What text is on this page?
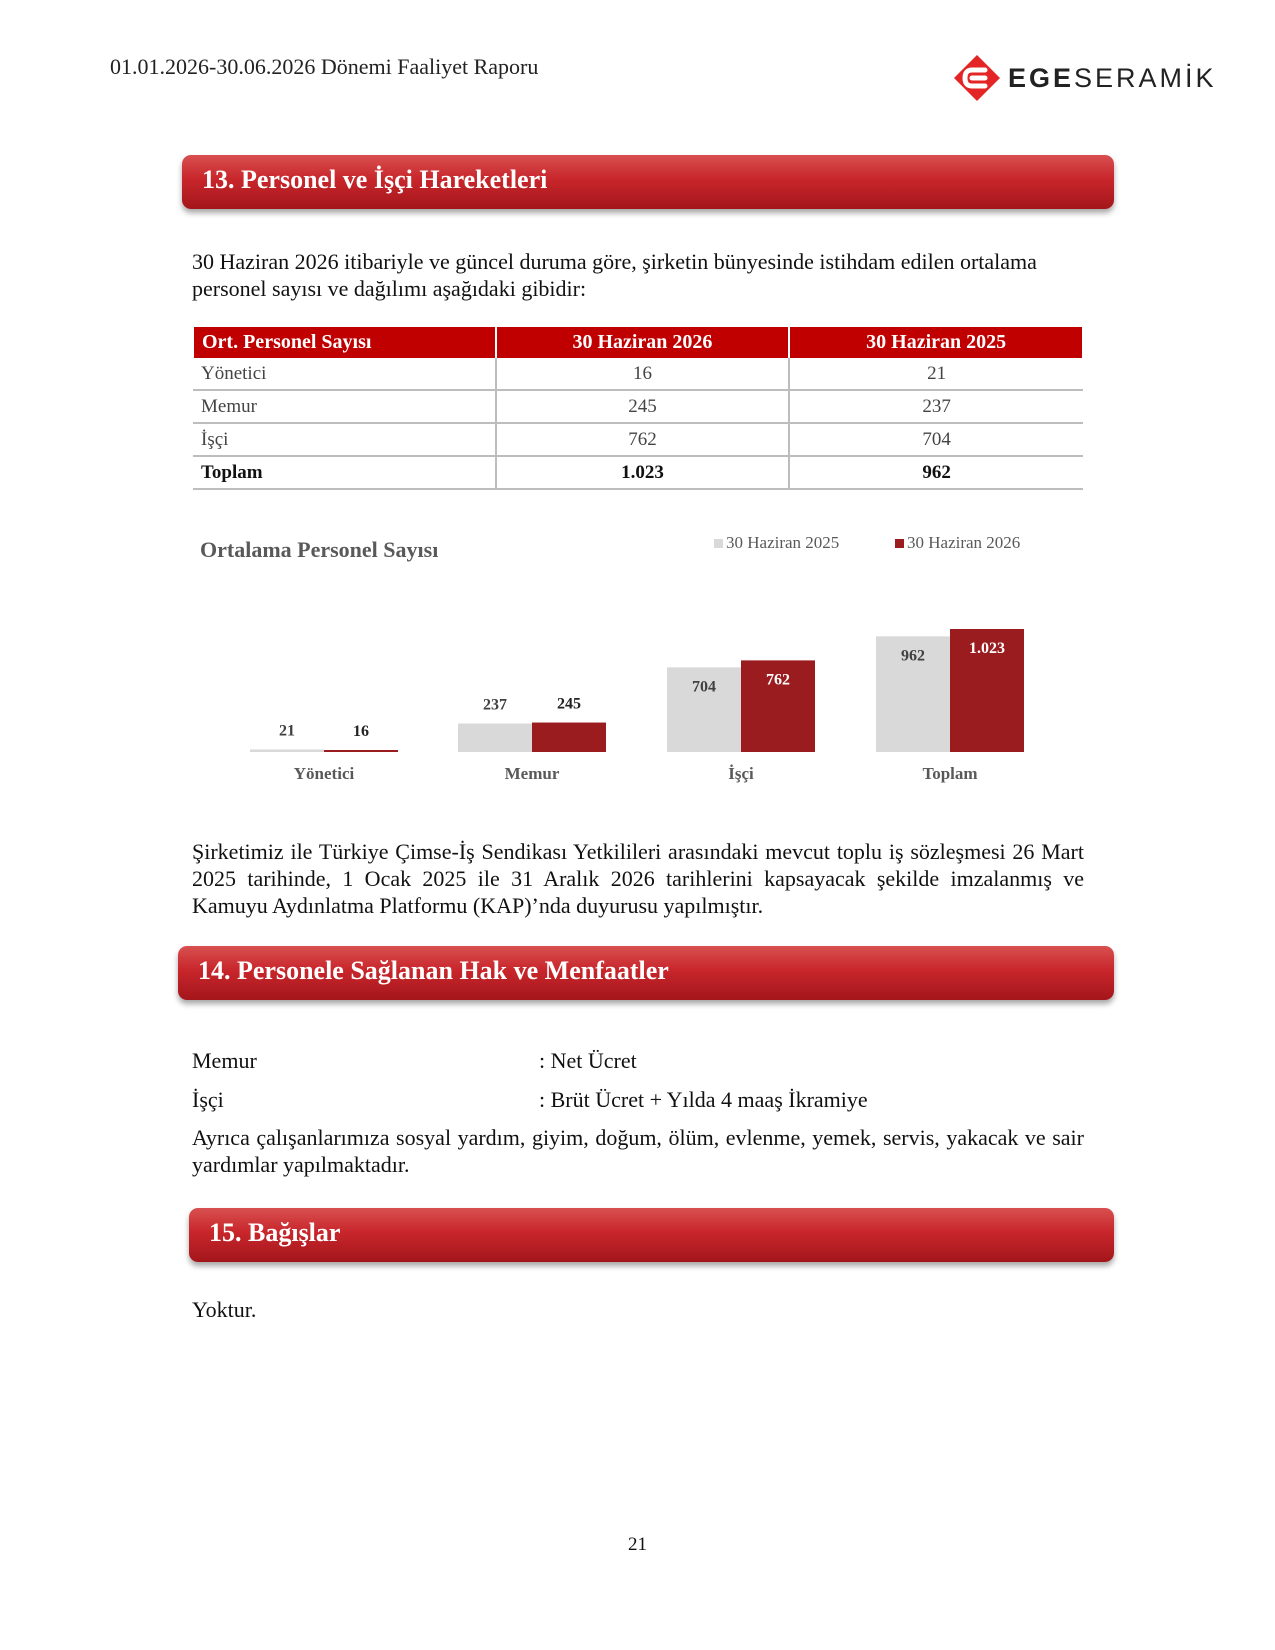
01.01.2026-30.06.2026 Dönemi Faaliyet Raporu	EGESERAMİK
13. Personel ve İşçi Hareketleri
30 Haziran 2026 itibariyle ve güncel duruma göre, şirketin bünyesinde istihdam edilen ortalama personel sayısı ve dağılımı aşağıdaki gibidir:
Ort. Personel Sayısı	30 Haziran 2026	30 Haziran 2025
Yönetici	16	21
Memur	245	237
İşçi	762	704
Toplam	1.023	962
Ortalama Personel Sayısı	30 Haziran 2025	30 Haziran 2026
21	16
Yönetici
237	245
Memur
704	762
İşçi
962	1.023
Toplam
Şirketimiz ile Türkiye Çimse-İş Sendikası Yetkilileri arasındaki mevcut toplu iş sözleşmesi 26 Mart 2025 tarihinde, 1 Ocak 2025 ile 31 Aralık 2026 tarihlerini kapsayacak şekilde imzalanmış ve Kamuyu Aydınlatma Platformu (KAP)’nda duyurusu yapılmıştır.
14. Personele Sağlanan Hak ve Menfaatler
Memur	: Net Ücret
İşçi	: Brüt Ücret + Yılda 4 maaş İkramiye
Ayrıca çalışanlarımıza sosyal yardım, giyim, doğum, ölüm, evlenme, yemek, servis, yakacak ve sair yardımlar yapılmaktadır.
15. Bağışlar
Yoktur.
21
